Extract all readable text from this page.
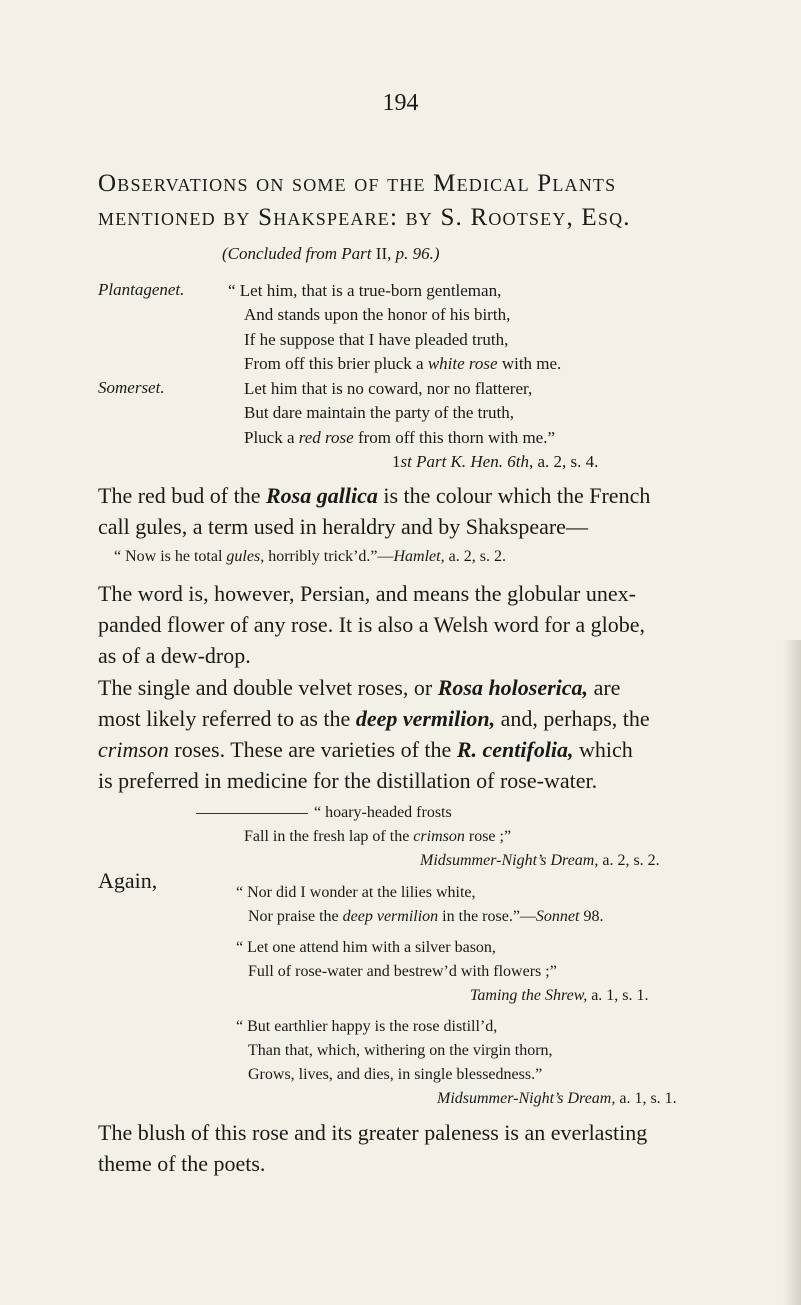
194
Observations on some of the Medical Plants
mentioned by Shakspeare: by S. Rootsey, Esq.
(Concluded from Part II, p. 96.)
Plantagenet.
Somerset.
“ Let him, that is a true-born gentleman,
And stands upon the honor of his birth,
If he suppose that I have pleaded truth,
From off this brier pluck a white rose with me.
Let him that is no coward, nor no flatterer,
But dare maintain the party of the truth,
Pluck a red rose from off this thorn with me.”
1st Part K. Hen. 6th, a. 2, s. 4.
The red bud of the Rosa gallica is the colour which the French
call gules, a term used in heraldry and by Shakspeare—
“ Now is he total gules, horribly trick’d.”—Hamlet, a. 2, s. 2.
The word is, however, Persian, and means the globular unex-
panded flower of any rose. It is also a Welsh word for a globe,
as of a dew-drop.
The single and double velvet roses, or Rosa holoserica, are
most likely referred to as the deep vermilion, and, perhaps, the
crimson roses. These are varieties of the R. centifolia, which
is preferred in medicine for the distillation of rose-water.
“ hoary-headed frosts
Fall in the fresh lap of the crimson rose ;”
Midsummer-Night’s Dream, a. 2, s. 2.
Again,	“ Nor did I wonder at the lilies white,
Nor praise the deep vermilion in the rose.”—Sonnet 98.
“ Let one attend him with a silver bason,
Full of rose-water and bestrew’d with flowers ;”
Taming the Shrew, a. 1, s. 1.
“ But earthlier happy is the rose distill’d,
Than that, which, withering on the virgin thorn,
Grows, lives, and dies, in single blessedness.”
Midsummer-Night’s Dream, a. 1, s. 1.
The blush of this rose and its greater paleness is an everlasting
theme of the poets.
